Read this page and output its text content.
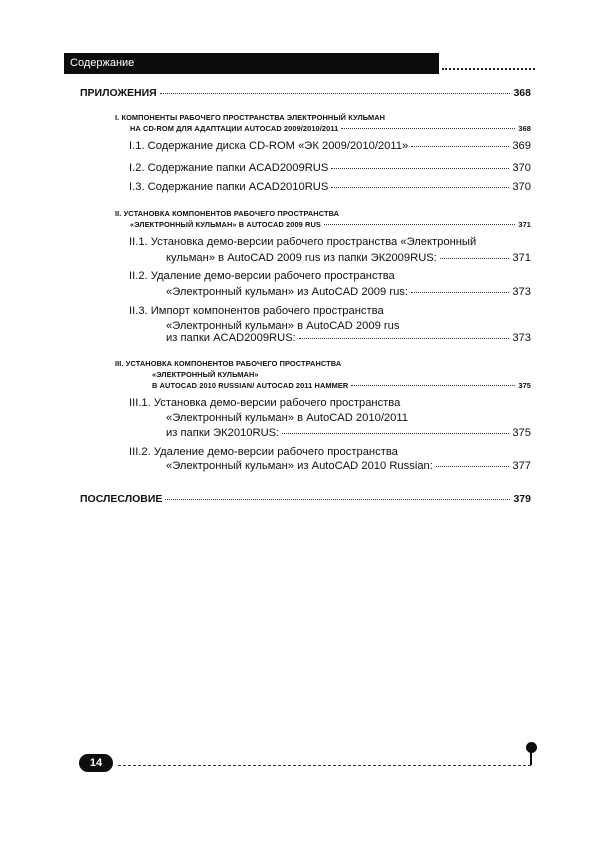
Содержание
ПРИЛОЖЕНИЯ	368
I. КОМПОНЕНТЫ РАБОЧЕГО ПРОСТРАНСТВА ЭЛЕКТРОННЫЙ КУЛЬМАН
НА CD-ROM ДЛЯ АДАПТАЦИИ AUTOCAD 2009/2010/2011	368
I.1. Содержание диска CD-ROM «ЭК 2009/2010/2011»	369
I.2. Содержание папки ACAD2009RUS	370
I.3. Содержание папки ACAD2010RUS	370
II. УСТАНОВКА КОМПОНЕНТОВ РАБОЧЕГО ПРОСТРАНСТВА
«ЭЛЕКТРОННЫЙ КУЛЬМАН» В AUTOCAD 2009 RUS	371
II.1. Установка демо-версии рабочего пространства «Электронный
кульман» в AutoCAD 2009 rus из папки ЭК2009RUS:	371
II.2. Удаление демо-версии рабочего пространства
«Электронный кульман» из AutoCAD 2009 rus:	373
II.3. Импорт компонентов рабочего пространства
«Электронный кульман» в AutoCAD 2009 rus
из папки ACAD2009RUS:	373
III. УСТАНОВКА КОМПОНЕНТОВ РАБОЧЕГО ПРОСТРАНСТВА
«ЭЛЕКТРОННЫЙ КУЛЬМАН»
В AUTOCAD 2010 RUSSIAN/ AUTOCAD 2011 HAMMER	375
III.1. Установка демо-версии рабочего пространства
«Электронный кульман» в AutoCAD 2010/2011
из папки ЭК2010RUS:	375
III.2. Удаление демо-версии рабочего пространства
«Электронный кульман» из AutoCAD 2010 Russian:	377
ПОСЛЕСЛОВИЕ	379
14
